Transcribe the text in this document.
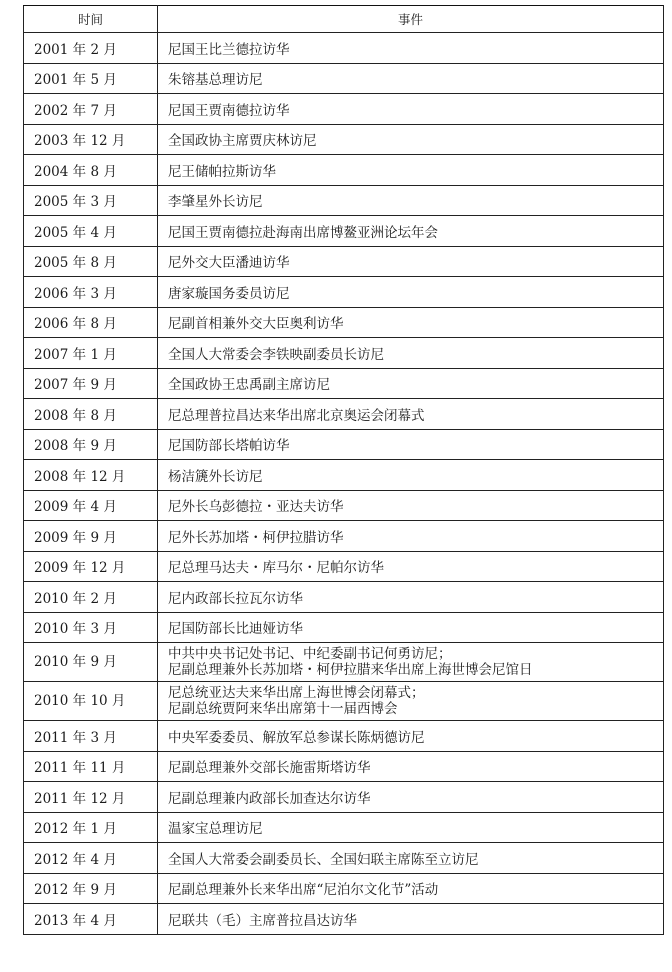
时间	事件
2001 年 2 月	尼国王比兰德拉访华

2001 年 5 月	朱镕基总理访尼

2002 年 7 月	尼国王贾南德拉访华

2003 年 12 月	全国政协主席贾庆林访尼

2004 年 8 月	尼王储帕拉斯访华

2005 年 3 月	李肇星外长访尼

2005 年 4 月	尼国王贾南德拉赴海南出席博鳌亚洲论坛年会

2005 年 8 月	尼外交大臣潘迪访华

2006 年 3 月	唐家璇国务委员访尼

2006 年 8 月	尼副首相兼外交大臣奥利访华

2007 年 1 月	全国人大常委会李铁映副委员长访尼

2007 年 9 月	全国政协王忠禹副主席访尼

2008 年 8 月	尼总理普拉昌达来华出席北京奥运会闭幕式

2008 年 9 月	尼国防部长塔帕访华

2008 年 12 月	杨洁篪外长访尼

2009 年 4 月	尼外长乌彭德拉・亚达夫访华

2009 年 9 月	尼外长苏加塔・柯伊拉腊访华

2009 年 12 月	尼总理马达夫・库马尔・尼帕尔访华

2010 年 2 月	尼内政部长拉瓦尔访华

2010 年 3 月	尼国防部长比迪娅访华

2010 年 9 月	中共中央书记处书记、中纪委副书记何勇访尼；
尼副总理兼外长苏加塔・柯伊拉腊来华出席上海世博会尼馆日

2010 年 10 月	尼总统亚达夫来华出席上海世博会闭幕式；
尼副总统贾阿来华出席第十一届西博会

2011 年 3 月	中央军委委员、解放军总参谋长陈炳德访尼

2011 年 11 月	尼副总理兼外交部长施雷斯塔访华

2011 年 12 月	尼副总理兼内政部长加查达尔访华

2012 年 1 月	温家宝总理访尼

2012 年 4 月	全国人大常委会副委员长、全国妇联主席陈至立访尼

2012 年 9 月	尼副总理兼外长来华出席“尼泊尔文化节”活动

2013 年 4 月	尼联共（毛）主席普拉昌达访华
